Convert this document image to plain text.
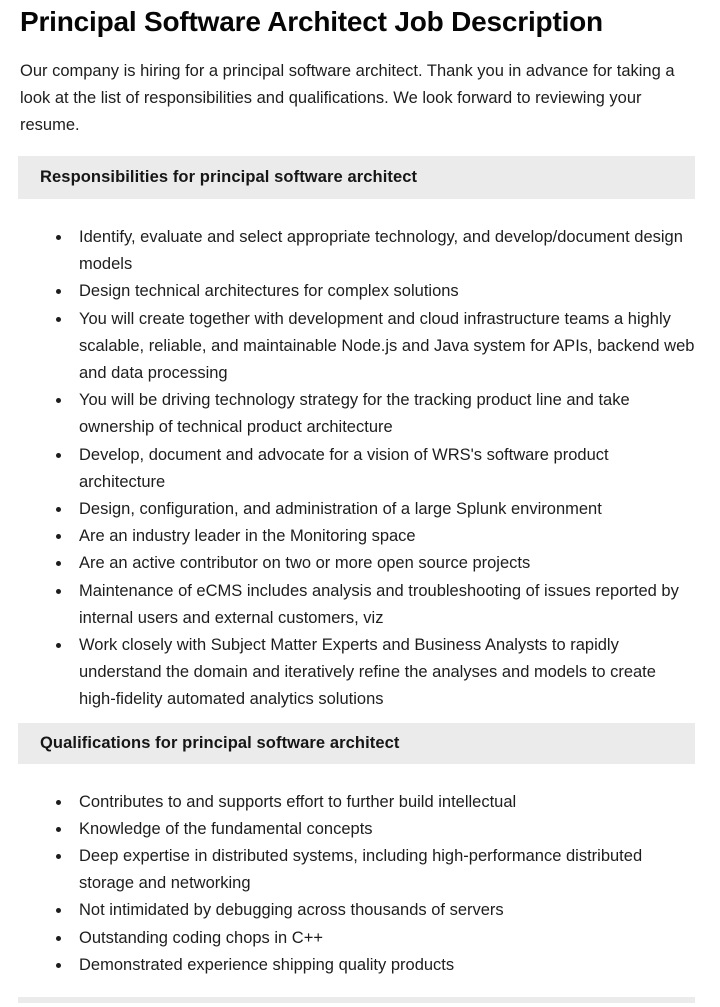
Principal Software Architect Job Description

Our company is hiring for a principal software architect. Thank you in advance for taking a look at the list of responsibilities and qualifications. We look forward to reviewing your resume.

Responsibilities for principal software architect
• Identify, evaluate and select appropriate technology, and develop/document design models
• Design technical architectures for complex solutions
• You will create together with development and cloud infrastructure teams a highly scalable, reliable, and maintainable Node.js and Java system for APIs, backend web and data processing
• You will be driving technology strategy for the tracking product line and take ownership of technical product architecture
• Develop, document and advocate for a vision of WRS's software product architecture
• Design, configuration, and administration of a large Splunk environment
• Are an industry leader in the Monitoring space
• Are an active contributor on two or more open source projects
• Maintenance of eCMS includes analysis and troubleshooting of issues reported by internal users and external customers, viz
• Work closely with Subject Matter Experts and Business Analysts to rapidly understand the domain and iteratively refine the analyses and models to create high-fidelity automated analytics solutions
Qualifications for principal software architect
• Contributes to and supports effort to further build intellectual
• Knowledge of the fundamental concepts
• Deep expertise in distributed systems, including high-performance distributed storage and networking
• Not intimidated by debugging across thousands of servers
• Outstanding coding chops in C++
• Demonstrated experience shipping quality products
